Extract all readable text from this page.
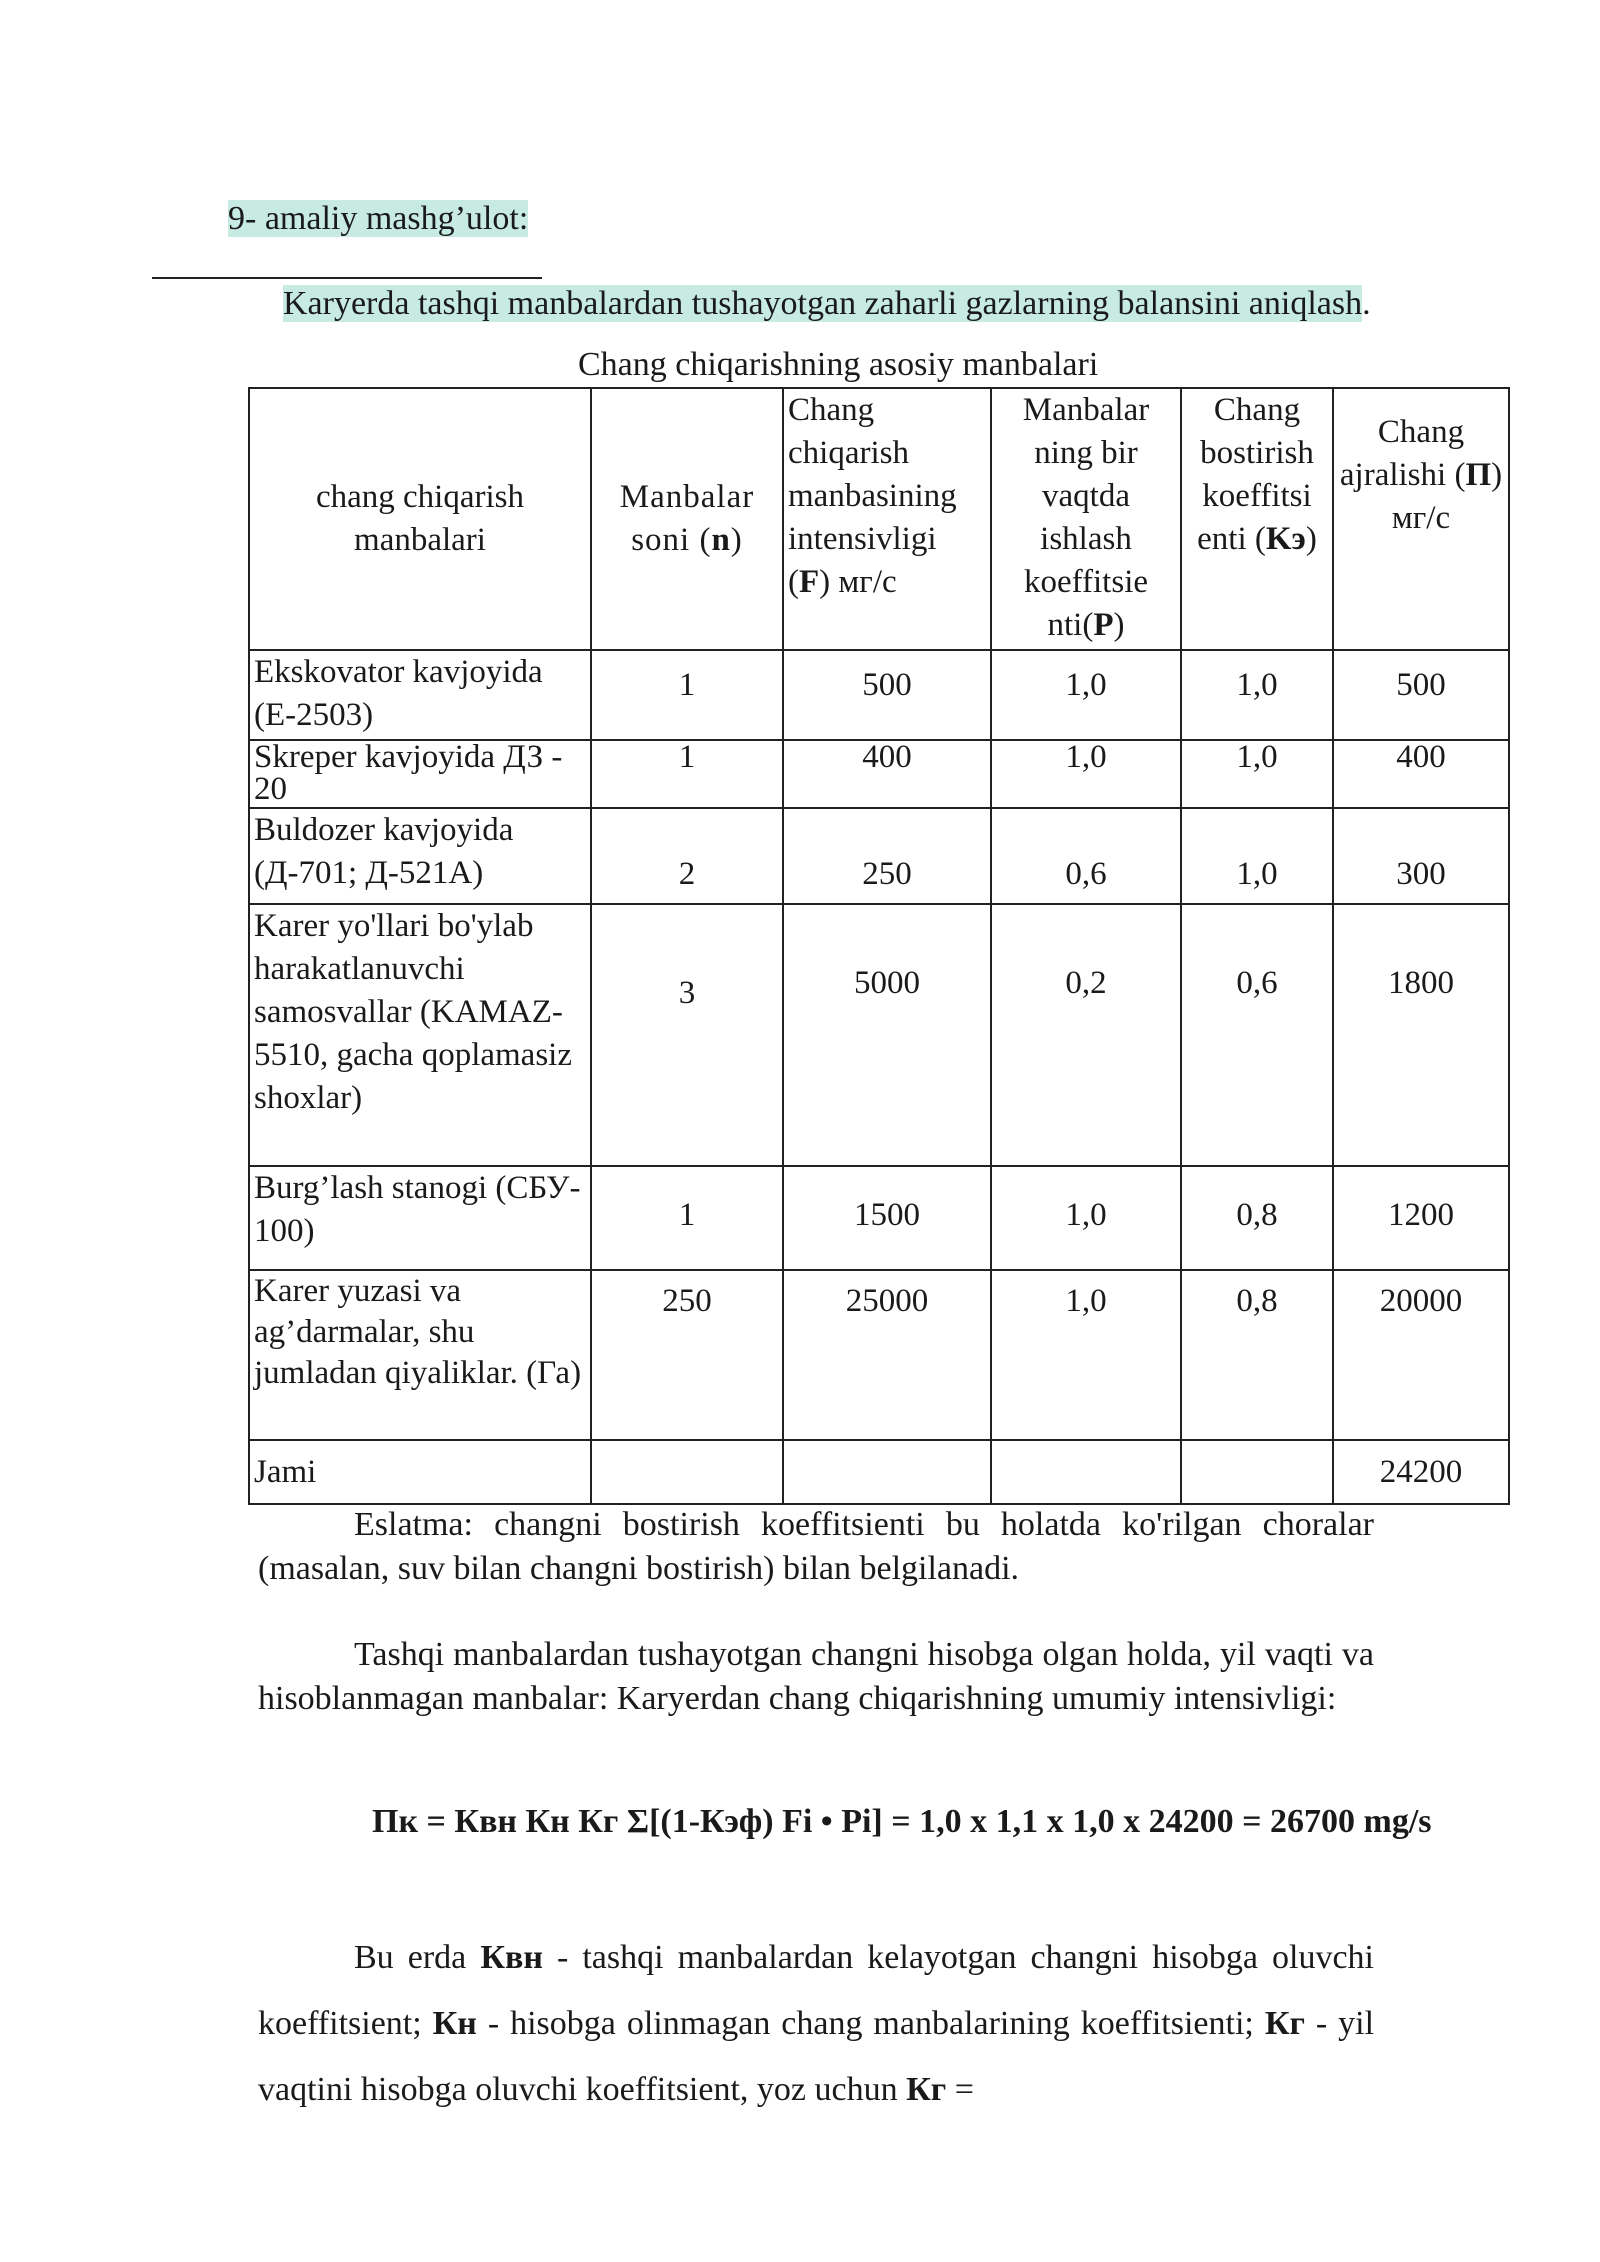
9- amaliy mashg’ulot:
Karyerda tashqi manbalardan tushayotgan zaharli gazlarning balansini aniqlash.
Chang chiqarishning asosiy manbalari
chang chiqarish manbalari	Manbalar soni (n)	Chang chiqarish manbasining intensivligi (F) мг/с	Manbalar ning bir vaqtda ishlash koeffitsie nti(P)	Chang bostirish koeffitsi enti (Kэ)	Chang ajralishi (П) мг/с
Ekskovator kavjoyida (E-2503)	1	500	1,0	1,0	500
Skreper kavjoyida ДЗ - 20	1	400	1,0	1,0	400
Buldozer kavjoyida (Д-701; Д-521А)	2	250	0,6	1,0	300
Karer yo'llari bo'ylab harakatlanuvchi samosvallar (KAMAZ-5510, gacha qoplamasiz shoxlar)	3	5000	0,2	0,6	1800
Burg’lash stanogi (СБУ- 100)	1	1500	1,0	0,8	1200
Karer yuzasi va ag’darmalar, shu jumladan qiyaliklar. (Га)	250	25000	1,0	0,8	20000
Jami					24200
Eslatma: changni bostirish koeffitsienti bu holatda ko'rilgan choralar (masalan, suv bilan changni bostirish) bilan belgilanadi.
Tashqi manbalardan tushayotgan changni hisobga olgan holda, yil vaqti va hisoblanmagan manbalar: Karyerdan chang chiqarishning umumiy intensivligi:
Пк = Квн Кн Кг Σ[(1-Кэф) Fi • Pi] = 1,0 x 1,1 x 1,0 x 24200 = 26700 mg/s
Bu erda Квн - tashqi manbalardan kelayotgan changni hisobga oluvchi koeffitsient; Кн - hisobga olinmagan chang manbalarining koeffitsienti; Кг - yil vaqtini hisobga oluvchi koeffitsient, yoz uchun Кг =
